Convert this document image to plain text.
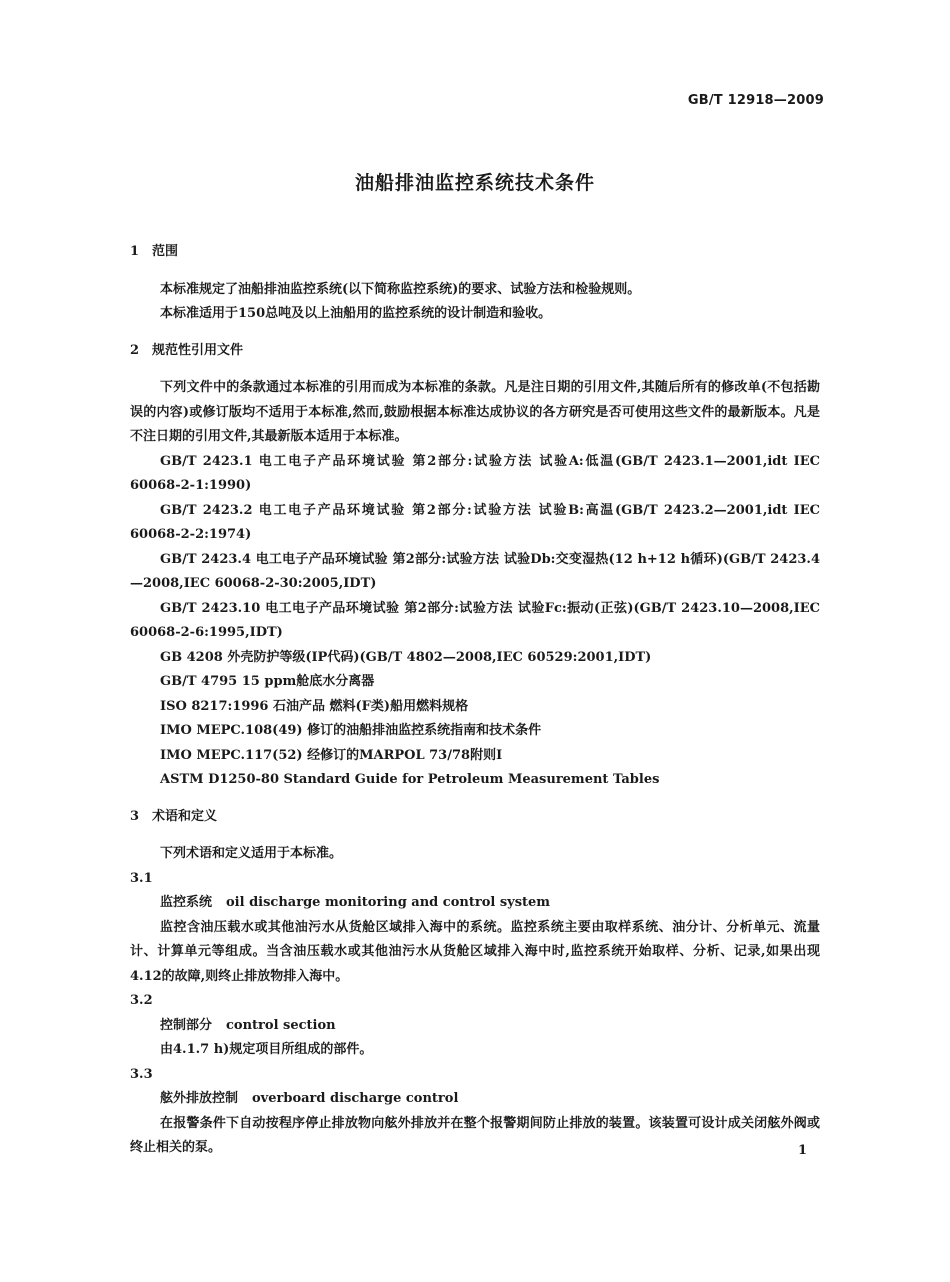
GB/T 12918—2009
油船排油监控系统技术条件
1 范围

本标准规定了油船排油监控系统(以下简称监控系统)的要求、试验方法和检验规则。

本标准适用于150总吨及以上油船用的监控系统的设计制造和验收。

2 规范性引用文件

下列文件中的条款通过本标准的引用而成为本标准的条款。凡是注日期的引用文件,其随后所有的修改单(不包括勘误的内容)或修订版均不适用于本标准,然而,鼓励根据本标准达成协议的各方研究是否可使用这些文件的最新版本。凡是不注日期的引用文件,其最新版本适用于本标准。

GB/T 2423.1 电工电子产品环境试验 第2部分:试验方法 试验A:低温(GB/T 2423.1—2001,idt IEC 60068-2-1:1990)

GB/T 2423.2 电工电子产品环境试验 第2部分:试验方法 试验B:高温(GB/T 2423.2—2001,idt IEC 60068-2-2:1974)

GB/T 2423.4 电工电子产品环境试验 第2部分:试验方法 试验Db:交变湿热(12 h+12 h循环)(GB/T 2423.4—2008,IEC 60068-2-30:2005,IDT)

GB/T 2423.10 电工电子产品环境试验 第2部分:试验方法 试验Fc:振动(正弦)(GB/T 2423.10—2008,IEC 60068-2-6:1995,IDT)

GB 4208 外壳防护等级(IP代码)(GB/T 4802—2008,IEC 60529:2001,IDT)

GB/T 4795 15 ppm舱底水分离器

ISO 8217:1996 石油产品 燃料(F类)船用燃料规格

IMO MEPC.108(49) 修订的油船排油监控系统指南和技术条件

IMO MEPC.117(52) 经修订的MARPOL 73/78附则Ⅰ

ASTM D1250-80 Standard Guide for Petroleum Measurement Tables

3 术语和定义

下列术语和定义适用于本标准。

3.1

监控系统 oil discharge monitoring and control system

监控含油压载水或其他油污水从货舱区域排入海中的系统。监控系统主要由取样系统、油分计、分析单元、流量计、计算单元等组成。当含油压载水或其他油污水从货舱区域排入海中时,监控系统开始取样、分析、记录,如果出现4.12的故障,则终止排放物排入海中。

3.2

控制部分 control section

由4.1.7 h)规定项目所组成的部件。

3.3

舷外排放控制 overboard discharge control

在报警条件下自动按程序停止排放物向舷外排放并在整个报警期间防止排放的装置。该装置可设计成关闭舷外阀或终止相关的泵。	1
